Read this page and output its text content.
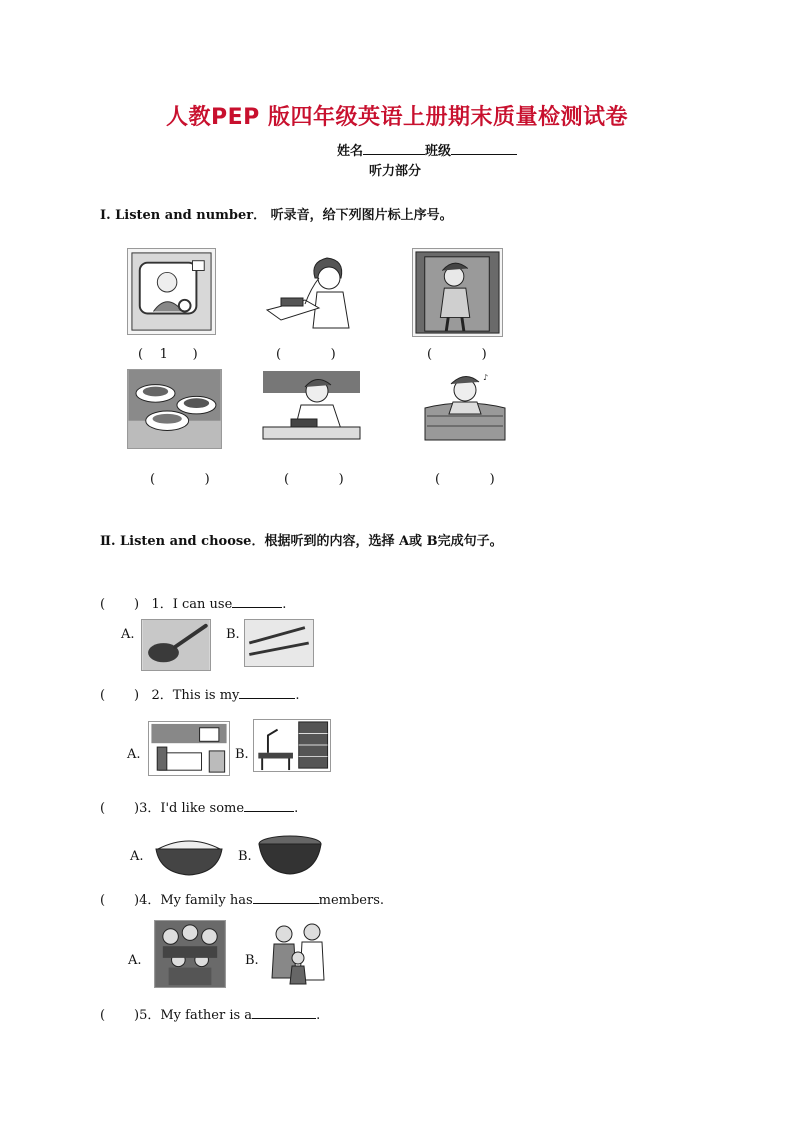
人教PEP 版四年级英语上册期末质量检测试卷
姓名	班级
听力部分
Ⅰ. Listen and number． 听录音，给下列图片标上序号。
(    1      )	(            )	(            )
♪
(            )	(            )	(            )
Ⅱ. Listen and choose．根据听到的内容，选择 A或 B完成句子。
(       )   1．I can use	.
A.	B.
(       )   2．This is my	.
A.	B.
(       )3．I'd like some	.
A.	B.
(       )4．My family has	members.
A.	B.
(       )5．My father is a	.
